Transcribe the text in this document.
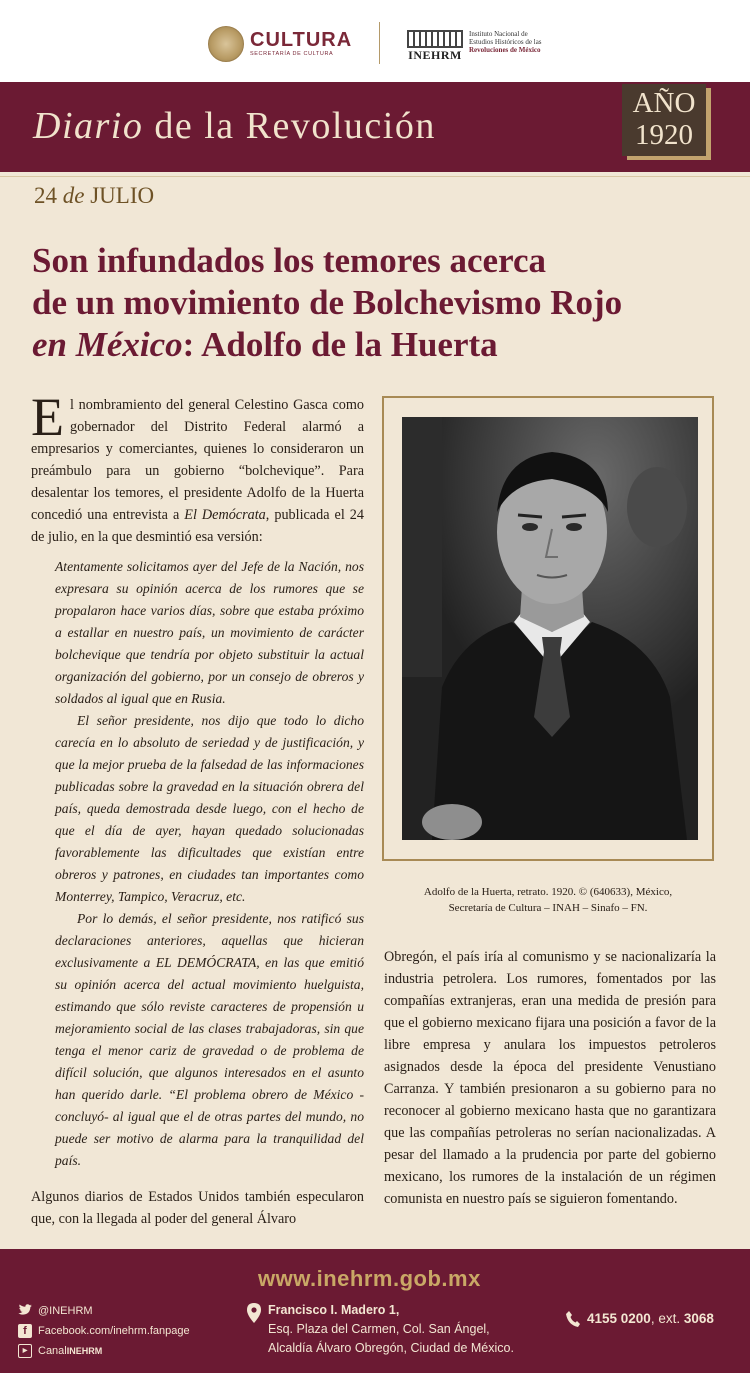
CULTURA
SECRETARÍA DE CULTURA	INEHRM
Instituto Nacional de
Estudios Históricos de las
Revoluciones de México
Diario de la Revolución
AÑO
1920
24 de JULIO
Son infundados los temores acerca
de un movimiento de Bolchevismo Rojo
en México: Adolfo de la Huerta

El nombramiento del general Celestino Gasca como gobernador del Distrito Federal alarmó a empresarios y comerciantes, quienes lo consideraron un preámbulo para un gobierno “bolchevique”. Para desalentar los temores, el presidente Adolfo de la Huerta concedió una entrevista a El Demócrata, publicada el 24 de julio, en la que desmintió esa versión:

Atentamente solicitamos ayer del Jefe de la Nación, nos expresara su opinión acerca de los rumores que se propalaron hace varios días, sobre que estaba próximo a estallar en nuestro país, un movimiento de carácter bolchevique que tendría por objeto substituir la actual organización del gobierno, por un consejo de obreros y soldados al igual que en Rusia.

El señor presidente, nos dijo que todo lo dicho carecía en lo absoluto de seriedad y de justificación, y que la mejor prueba de la falsedad de las informaciones publicadas sobre la gravedad en la situación obrera del país, queda demostrada desde luego, con el hecho de que el día de ayer, hayan quedado solucionadas favorablemente las dificultades que existían entre obreros y patrones, en ciudades tan importantes como Monterrey, Tampico, Veracruz, etc.

Por lo demás, el señor presidente, nos ratificó sus declaraciones anteriores, aquellas que hicieran exclusivamente a EL DEMÓCRATA, en las que emitió su opinión acerca del actual movimiento huelguista, estimando que sólo reviste caracteres de propensión u mejoramiento social de las clases trabajadoras, sin que tenga el menor cariz de gravedad o de problema de difícil solución, que algunos interesados en el asunto han querido darle. “El problema obrero de México -concluyó- al igual que el de otras partes del mundo, no puede ser motivo de alarma para la tranquilidad del país.

Algunos diarios de Estados Unidos también especularon que, con la llegada al poder del general Álvaro

Adolfo de la Huerta, retrato. 1920. © (640633), México,
Secretaría de Cultura – INAH – Sinafo – FN.

Obregón, el país iría al comunismo y se nacionalizaría la industria petrolera. Los rumores, fomentados por las compañías extranjeras, eran una medida de presión para que el gobierno mexicano fijara una posición a favor de la libre empresa y anulara los impuestos petroleros asignados desde la época del presidente Venustiano Carranza. Y también presionaron a su gobierno para no reconocer al gobierno mexicano hasta que no garantizara que las compañías petroleras no serían nacionalizadas. A pesar del llamado a la prudencia por parte del gobierno mexicano, los rumores de la instalación de un régimen comunista en nuestro país se siguieron fomentando.

www.inehrm.gob.mx
@INEHRM
f	Facebook.com/inehrm.fanpage
▶ Canal INEHRM
Francisco I. Madero 1,
Esq. Plaza del Carmen, Col. San Ángel,
Alcaldía Álvaro Obregón, Ciudad de México.
4155 0200, ext. 3068
